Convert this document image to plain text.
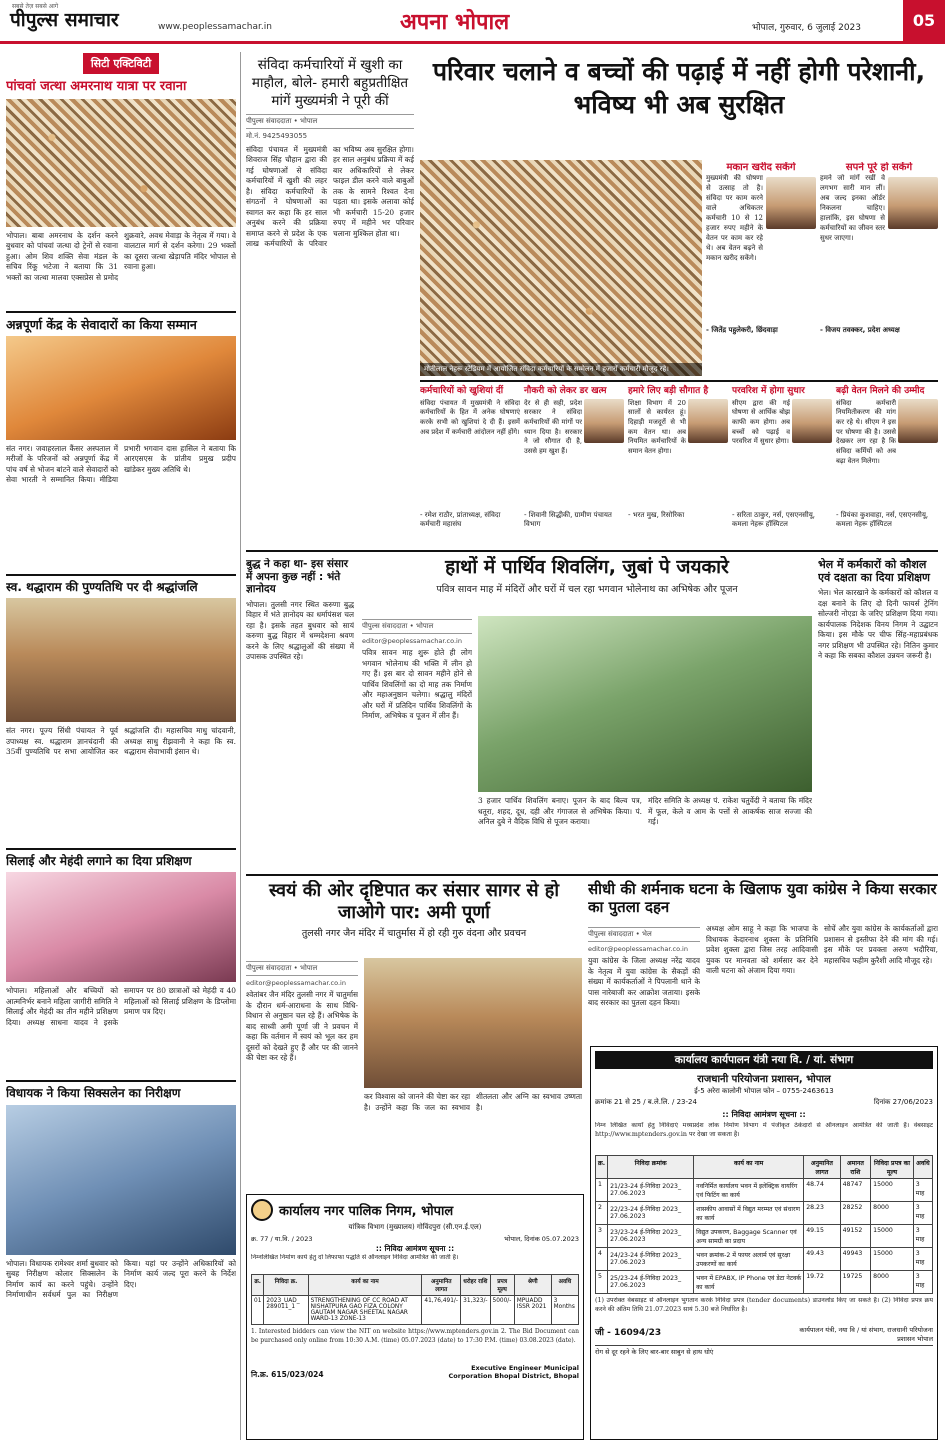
सबसे तेज़ सबसे आगे
पीपुल्स समाचार	www.peoplessamachar.in	अपना भोपाल	भोपाल, गुरुवार, 6 जुलाई 2023	05
सिटी एक्टिविटी
पांचवां जत्था अमरनाथ यात्रा पर रवाना
भोपाल। बाबा अमरनाथ के दर्शन करने बुधवार को पांचवां जत्था दो ट्रेनों से रवाना हुआ। ओम शिव शक्ति सेवा मंडल के सचिव रिंकू भटेजा ने बताया कि 31 भक्तों का जत्था मालवा एक्सप्रेस से प्रमोद शुक्रवारे, अवध मेवाड़ा के नेतृत्व में गया। वे वालटाल मार्ग से दर्शन करेगा। 29 भक्तों का दूसरा जत्था खेड़ापति मंदिर भोपाल से रवाना हुआ।
अन्नपूर्णा केंद्र के सेवादारों का किया सम्मान
संत नगर। जवाहरलाल कैंसर अस्पताल में मरीजों के परिजनों को अन्नपूर्णा केंद्र में पांच वर्ष से भोजन बांटने वाले सेवादारों को सेवा भारती ने सम्मानित किया। मीडिया प्रभारी भगवान दास हासिल ने बताया कि आरएसएस के प्रांतीय प्रमुख प्रदीप खांडेकर मुख्य अतिथि थे।
स्व. थद्धाराम की पुण्यतिथि पर दी श्रद्धांजलि
संत नगर। पूज्य सिंधी पंचायत ने पूर्व उपाध्यक्ष स्व. थद्धाराम ज्ञानचंदानी की 35वीं पुण्यतिथि पर सभा आयोजित कर श्रद्धांजलि दी। महासचिव माधु चांदवानी, अध्यक्ष साधु रीझवानी ने कहा कि स्व. थद्धाराम सेवाभावी इंसान थे।
सिलाई और मेहंदी लगाने का दिया प्रशिक्षण
भोपाल। महिलाओं और बच्चियों को आत्मनिर्भर बनाने महिला जागीरी समिति ने सिलाई और मेहंदी का तीन महीने प्रशिक्षण दिया। अध्यक्ष साधना यादव ने इसके समापन पर 80 छात्राओं को मेहंदी व 40 महिलाओं को सिलाई प्रशिक्षण के डिप्लोमा प्रमाण पत्र दिए।
विधायक ने किया सिक्सलेन का निरीक्षण
भोपाल। विधायक रामेश्वर शर्मा बुधवार को सुबह निरीक्षण कोलार सिक्सलेन के निर्माण कार्य का करने पहुंचे। उन्होंने निर्माणाधीन सर्वधर्म पुल का निरीक्षण किया। यहां पर उन्होंने अधिकारियों को निर्माण कार्य जल्द पूरा करने के निर्देश दिए।
संविदा कर्मचारियों में खुशी का माहौल, बोले- हमारी बहुप्रतीक्षित मांगें मुख्यमंत्री ने पूरी कीं
पीपुल्स संवाददाता • भोपाल
मो.नं. 9425493055
संविदा पंचायत में मुख्यमंत्री शिवराज सिंह चौहान द्वारा की गई घोषणाओं से संविदा कर्मचारियों में खुशी की लहर है। संविदा कर्मचारियों के संगठनों ने घोषणाओं का स्वागत कर कहा कि हर साल अनुबंध करने की प्रक्रिया समाप्त करने से प्रदेश के एक लाख कर्मचारियों के परिवार का भविष्य अब सुरक्षित होगा। हर साल अनुबंध प्रक्रिया में कई बार अधिकारियों से लेकर फाइल डील करने वाले बाबुओं तक के सामने रिश्वत देना पड़ता था। इसके अलावा कोई भी कर्मचारी 15-20 हजार रुपए में महीने भर परिवार चलाना मुश्किल होता था।
परिवार चलाने व बच्चों की पढ़ाई में नहीं होगी परेशानी, भविष्य भी अब सुरक्षित
मोतीलाल नेहरू स्टेडियम में आयोजित संविदा कर्मचारियों के सम्मेलन में हजारों कर्मचारी मौजूद रहे।
मकान खरीद सकेंगे
मुख्यमंत्री की घोषणा से उत्साह तो है। संविदा पर काम करने वाले अधिकतर कर्मचारी 10 से 12 हजार रुपए महीने के वेतन पर काम कर रहे थे। अब वेतन बढ़ने से मकान खरीद सकेंगे।
- जितेंद्र पहुलेकरी, छिंदवाड़ा
सपने पूरे हो सकेंगे
हमने जो मांगें रखीं वे लगभग सारी मान लीं। अब जल्द इनका ऑर्डर निकलना चाहिए। हालांकि, इस घोषणा से कर्मचारियों का जीवन स्तर सुधर जाएगा।
- विजय तवक्कर, प्रदेश अध्यक्ष
कर्मचारियों को खुशियां दीं
संविदा पंचायत में मुख्यमंत्री ने संविदा कर्मचारियों के हित में अनेक घोषणाएं करके सभी को खुशियां दे दी हैं। इसमें अब प्रदेश में कर्मचारी आंदोलन नहीं होंगे।
- रमेश राठौर, प्रांताध्यक्ष, संविदा कर्मचारी महासंघ
नौकरी को लेकर डर खत्म
देर से ही सही, प्रदेश सरकार ने संविदा कर्मचारियों की मांगों पर ध्यान दिया है। सरकार ने जो सौगात दी है, उससे हम खुश हैं।
- शिवानी सिद्धीकी, ग्रामीण पंचायत विभाग
हमारे लिए बड़ी सौगात है
शिक्षा विभाग में 20 सालों से कार्यरत हूं। दिहाड़ी मजदूरों से भी कम वेतन था। अब नियमित कर्मचारियों के समान वेतन होगा।
- भरत मुख, रिसोरिका
परवरिश में होगा सुधार
सीएम द्वारा की गई घोषणा से आर्थिक बोझ काफी कम होगा। अब बच्चों को पढ़ाई व परवरिश में सुधार होगा।
- सरिता ठाकुर, नर्स, एसएनसीयू, कमला नेहरू हॉस्पिटल
बढ़ी वेतन मिलने की उम्मीद
संविदा कर्मचारी नियमितीकरण की मांग कर रहे थे। सीएम ने इस पर घोषणा की है। उससे देखकर लग रहा है कि संविदा कर्मियों को अब बढ़ा वेतन मिलेगा।
- प्रियंका कुशवाहा, नर्स, एसएनसीयू, कमला नेहरू हॉस्पिटल
बुद्ध ने कहा था- इस संसार में अपना कुछ नहीं : भंते ज्ञानोदय
भोपाल। तुलसी नगर स्थित करुणा बुद्ध विहार में भंते ज्ञानोदय का धर्मापंसश चल रहा है। इसके तहत बुधवार को सायं करुणा बुद्ध विहार में धम्मदेशना श्रवण करने के लिए श्रद्धालुओं की संख्या में उपासक उपस्थित रहे।
हाथों में पार्थिव शिवलिंग, जुबां पे जयकारे
पवित्र सावन माह में मंदिरों और घरों में चल रहा भगवान भोलेनाथ का अभिषेक और पूजन
पीपुल्स संवाददाता • भोपाल
editor@peoplessamachar.co.in
पवित्र सावन माह शुरू होते ही लोग भगवान भोलेनाथ की भक्ति में लीन हो गए हैं। इस बार दो सावन महीने होने से पार्थिव शिवलिंगों का दो माह तक निर्माण और महाअनुष्ठान चलेगा। श्रद्धालु मंदिरों और घरों में प्रतिदिन पार्थिव शिवलिंगों के निर्माण, अभिषेक व पूजन में लीन हैं।
3 हजार पार्थिव शिवलिंग बनाए। पूजन के बाद बिल्व पत्र, धतूरा, शहद, दूध, दही और गंगाजल से अभिषेक किया। पं. अनिल दुबे ने वैदिक विधि से पूजन कराया।
मंदिर समिति के अध्यक्ष पं. राकेश चतुर्वेदी ने बताया कि मंदिर में फूल, केले व आम के पत्तों से आकर्षक साज सज्जा की गई।
भेल में कर्मकारों को कौशल एवं दक्षता का दिया प्रशिक्षण
भेल। भेल कारखाने के कर्मकारों को कौशल व दक्ष बनाने के लिए दो दिनी फायर्स ट्रेनिंग सोल्जरी नोएडा के जरिए प्रशिक्षण दिया गया। कार्यपालक निदेशक विनय निगम ने उद्घाटन किया। इस मौके पर चीफ सिंह-महाप्रबंधक नगर प्रशिक्षण भी उपस्थित रहे। नितिन कुमार ने कहा कि सबका कौशल उन्नयन जरूरी है।
स्वयं की ओर दृष्टिपात कर संसार सागर से हो जाओगे पार: अमी पूर्णा
तुलसी नगर जैन मंदिर में चातुर्मास में हो रही गुरु वंदना और प्रवचन
पीपुल्स संवाददाता • भोपाल
editor@peoplessamachar.co.in
श्वेतांबर जैन मंदिर तुलसी नगर में चातुर्मास के दौरान धर्म-आराधना के साथ विधि-विधान से अनुष्ठान चल रहे हैं। अभिषेक के बाद साध्वी अमी पूर्णा जी ने प्रवचन में कहा कि वर्तमान में स्वयं को भूल कर हम दूसरों को देखते हुए हैं और पर की जानने की चेष्टा कर रहे हैं।
कर विश्वास को जानने की चेष्टा कर रहा है। उन्होंने कहा कि जल का स्वभाव शीतलता और अग्नि का स्वभाव उष्णता है।
सीधी की शर्मनाक घटना के खिलाफ युवा कांग्रेस ने किया सरकार का पुतला दहन
पीपुल्स संवाददाता • भेल
editor@peoplessamachar.co.in
युवा कांग्रेस के जिला अध्यक्ष नरेंद्र यादव के नेतृत्व में युवा कांग्रेस के सैकड़ों की संख्या में कार्यकर्ताओं ने पिपलानी थाने के पास नारेबाजी कर आक्रोश जताया। इसके बाद सरकार का पुतला दहन किया।
अध्यक्ष ओम साहू ने कहा कि भाजपा के विधायक केदारनाथ शुक्ला के प्रतिनिधि प्रवेश शुक्ला द्वारा जिस तरह आदिवासी युवक पर मानवता को शर्मसार कर देने वाली घटना को अंजाम दिया गया।
सोचें और युवा कांग्रेस के कार्यकर्ताओं द्वारा प्रशासन से इस्तीफा देने की मांग की गई। इस मौके पर प्रवक्ता अरुण भदौरिया, महासचिव फहीम कुरैशी आदि मौजूद रहे।
कार्यालय कार्यपालन यंत्री नया वि. / यां. संभाग
राजधानी परियोजना प्रशासन, भोपाल
ई-5 अरेरा कालोनी भोपाल फोन – 0755-2463613
क्रमांक 21 से 25 / ब.ले.लि. / 23-24	दिनांक 27/06/2023
:: निविदा आमंत्रण सूचना ::
निम्न लिखित कार्यों हेतु निविदाएं मध्यप्रदेश लोक निर्माण विभाग में पंजीकृत ठेकेदारों से ऑनलाइन आमंत्रित की जाती हैं। वेबसाइट http://www.mptenders.gov.in पर देखा जा सकता है।
क्र.	निविदा क्रमांक	कार्य का नाम	अनुमानित लागत	अमानत राशि	निविदा प्रपत्र का मूल्य	अवधि
1	21/23-24 ई-निविदा 2023_ 27.06.2023	नवनिर्मित कार्यालय भवन में इलेक्ट्रिक वायरिंग एवं फिटिंग का कार्य	48.74	48747	15000	3 माह
2	22/23-24 ई-निविदा 2023_ 27.06.2023	शासकीय आवासों में विद्युत मरम्मत एवं संधारण का कार्य	28.23	28252	8000	3 माह
3	23/23-24 ई-निविदा 2023_ 27.06.2023	विद्युत उपकरण, Baggage Scanner एवं अन्य सामग्री का प्रदाय	49.15	49152	15000	3 माह
4	24/23-24 ई-निविदा 2023_ 27.06.2023	भवन क्रमांक-2 में फायर अलार्म एवं सुरक्षा उपकरणों का कार्य	49.43	49943	15000	3 माह
5	25/23-24 ई-निविदा 2023_ 27.06.2023	भवन में EPABX, IP Phone एवं डेटा नेटवर्क का कार्य	19.72	19725	8000	3 माह
(1) उपरोक्त वेबसाइट से ऑनलाइन भुगतान करके निविदा प्रपत्र (tender documents) डाउनलोड किए जा सकते हैं। (2) निविदा प्रपत्र क्रय करने की अंतिम तिथि 21.07.2023 सायं 5.30 बजे निर्धारित है।
जी - 16094/23	कार्यपालन यंत्री, नया वि / यां संभाग, राजधानी परियोजना प्रशासन भोपाल
रोग से दूर रहने के लिए बार-बार साबुन से हाथ धोएं
कार्यालय नगर पालिक निगम, भोपाल
यांत्रिक विभाग (मुख्यालय) गोविंदपुरा (सी.एन.ई.एल)
क्र. 77 / या.वि. / 2023	भोपाल, दिनांक 05.07.2023
:: निविदा आमंत्रण सूचना ::
निम्नलिखित निर्माण कार्य हेतु दो लिफाफा पद्धति से ऑनलाइन निविदा आमंत्रित की जाती है।
क्र.	निविदा क्र.	कार्य का नाम	अनुमानित लागत	धरोहर राशि	प्रपत्र मूल्य	श्रेणी	अवधि
01	2023_UAD_ 289011_1	STRENGTHENING OF CC ROAD AT NISHATPURA GAO FIZA COLONY GAUTAM NAGAR SHEETAL NAGAR WARD-13 ZONE-13	41,76,491/-	31,323/-	5000/-	MPUADD ISSR 2021	3 Months
1. Interested bidders can view the NIT on website https://www.mptenders.gov.in 2. The Bid Document can be purchased only online from 10:30 A.M. (time) 05.07.2023 (date) to 17:30 P.M. (time) 03.08.2023 (date).
नि.क्र. 615/023/024
Executive Engineer Municipal Corporation Bhopal District, Bhopal
